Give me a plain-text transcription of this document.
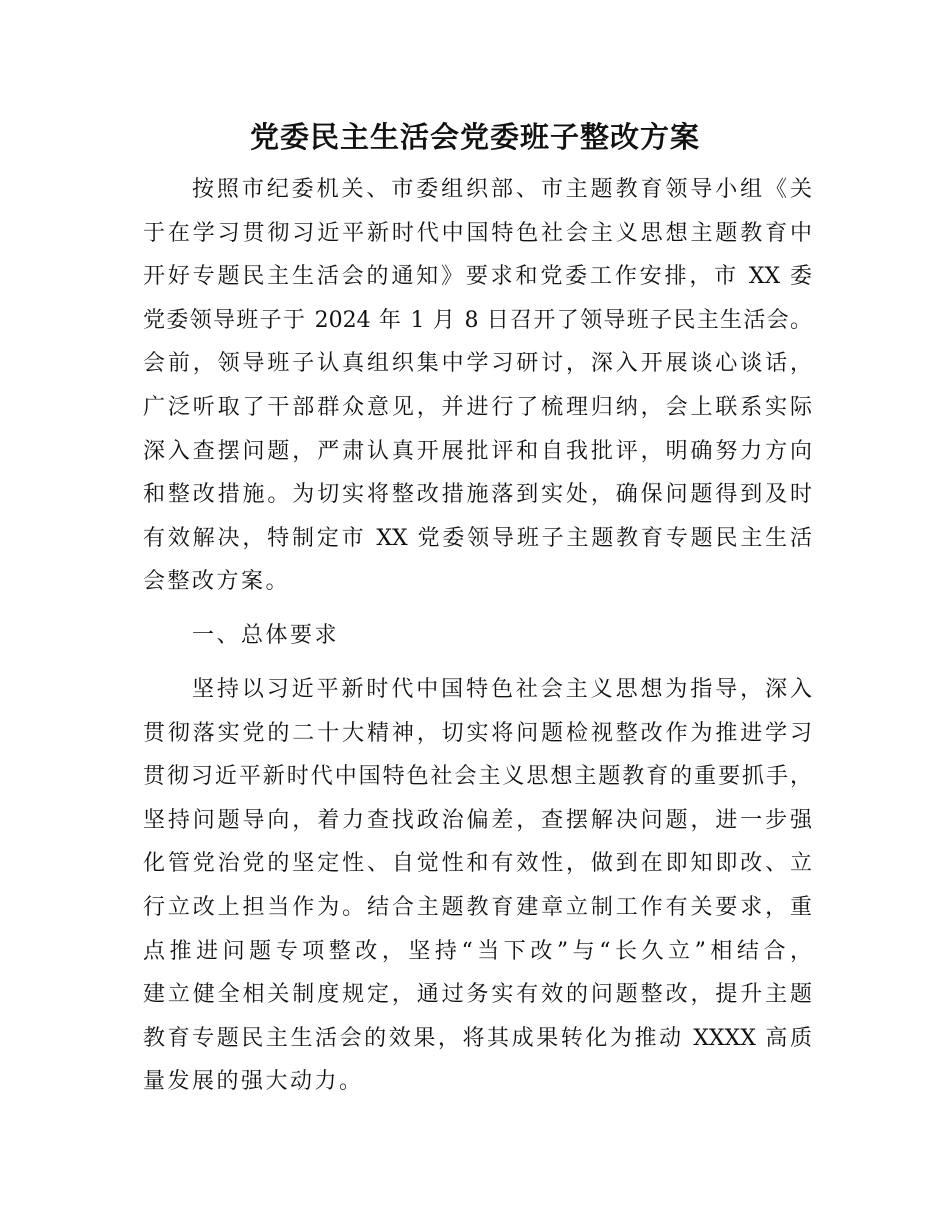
党委民主生活会党委班子整改方案
按照市纪委机关、市委组织部、市主题教育领导小组《关
于在学习贯彻习近平新时代中国特色社会主义思想主题教育中
开好专题民主生活会的通知》要求和党委工作安排，市 XX 委
党委领导班子于 2024 年 1 月 8 日召开了领导班子民主生活会。
会前，领导班子认真组织集中学习研讨，深入开展谈心谈话，
广泛听取了干部群众意见，并进行了梳理归纳，会上联系实际
深入查摆问题，严肃认真开展批评和自我批评，明确努力方向
和整改措施。为切实将整改措施落到实处，确保问题得到及时
有效解决，特制定市 XX 党委领导班子主题教育专题民主生活
会整改方案。
一、总体要求
坚持以习近平新时代中国特色社会主义思想为指导，深入
贯彻落实党的二十大精神，切实将问题检视整改作为推进学习
贯彻习近平新时代中国特色社会主义思想主题教育的重要抓手，
坚持问题导向，着力查找政治偏差，查摆解决问题，进一步强
化管党治党的坚定性、自觉性和有效性，做到在即知即改、立
行立改上担当作为。结合主题教育建章立制工作有关要求，重
点推进问题专项整改，坚持“当下改”与“长久立”相结合，
建立健全相关制度规定，通过务实有效的问题整改，提升主题
教育专题民主生活会的效果，将其成果转化为推动 XXXX 高质
量发展的强大动力。
